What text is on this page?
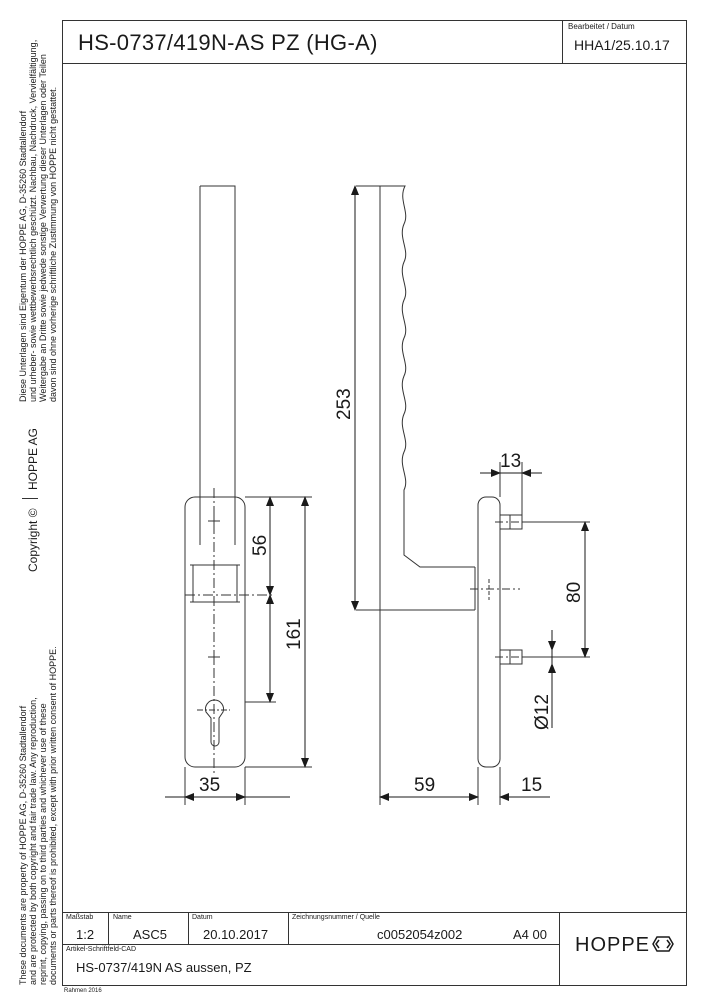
HS-0737/419N-AS PZ (HG-A)
Bearbeitet / Datum
HHA1/25.10.17
Diese Unterlagen sind Eigentum der HOPPE AG, D-35260 Stadtallendorf und urheber- sowie wettbewerbsrechtlich geschützt. Nachbau, Nachdruck, Vervielfältigung, Weitergabe an Dritte sowie jedwede sonstige Verwertung dieser Unterlagen oder Teilen davon sind ohne vorherige schriftliche Zustimmung von HOPPE nicht gestattet.
HOPPE AG
Copyright ©
These documents are property of HOPPE AG, D-35260 Stadtallendorf and are protected by both copyright and fair trade law. Any reproduction, reprint, copying, passing on to third parties and whichever use of these documents or parts thereof is prohibited, except with prior written consent of HOPPE.
253
56
161
35	59	15
13
80
Ø12
Maßstab
1:2
Name
ASC5
Datum
20.10.2017
Zeichnungsnummer / Quelle
c0052054z002	A4 00
Artikel-Schriftfeld-CAD
HS-0737/419N AS aussen, PZ
HOPPE
Rahmen 2016
